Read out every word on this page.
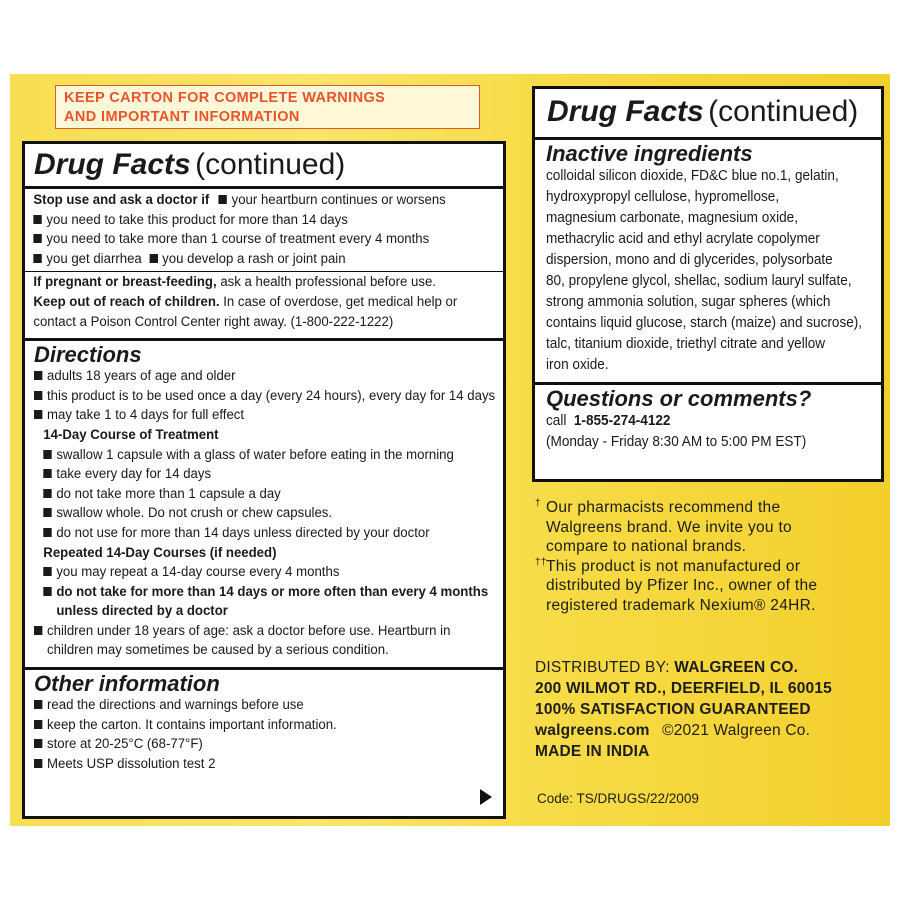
KEEP CARTON FOR COMPLETE WARNINGS
AND IMPORTANT INFORMATION
Drug Facts (continued)
Stop use and ask a doctor if your heartburn continues or worsens
you need to take this product for more than 14 days
you need to take more than 1 course of treatment every 4 months
you get diarrhea you develop a rash or joint pain
If pregnant or breast-feeding, ask a health professional before use.
Keep out of reach of children. In case of overdose, get medical help or
contact a Poison Control Center right away. (1-800-222-1222)
Directions
adults 18 years of age and older
this product is to be used once a day (every 24 hours), every day for 14 days
may take 1 to 4 days for full effect
14-Day Course of Treatment
swallow 1 capsule with a glass of water before eating in the morning
take every day for 14 days
do not take more than 1 capsule a day
swallow whole. Do not crush or chew capsules.
do not use for more than 14 days unless directed by your doctor
Repeated 14-Day Courses (if needed)
you may repeat a 14-day course every 4 months
do not take for more than 14 days or more often than every 4 months
unless directed by a doctor
children under 18 years of age: ask a doctor before use. Heartburn in
children may sometimes be caused by a serious condition.
Other information
read the directions and warnings before use
keep the carton. It contains important information.
store at 20-25°C (68-77°F)
Meets USP dissolution test 2
Drug Facts (continued)
Inactive ingredients
colloidal silicon dioxide, FD&C blue no.1, gelatin,
hydroxypropyl cellulose, hypromellose,
magnesium carbonate, magnesium oxide,
methacrylic acid and ethyl acrylate copolymer
dispersion, mono and di glycerides, polysorbate
80, propylene glycol, shellac, sodium lauryl sulfate,
strong ammonia solution, sugar spheres (which
contains liquid glucose, starch (maize) and sucrose),
talc, titanium dioxide, triethyl citrate and yellow
iron oxide.
Questions or comments?
call 1-855-274-4122
(Monday - Friday 8:30 AM to 5:00 PM EST)
† Our pharmacists recommend the
Walgreens brand. We invite you to
compare to national brands.
†† This product is not manufactured or
distributed by Pfizer Inc., owner of the
registered trademark Nexium® 24HR.
DISTRIBUTED BY: WALGREEN CO.
200 WILMOT RD., DEERFIELD, IL 60015
100% SATISFACTION GUARANTEED
walgreens.com ©2021 Walgreen Co.
MADE IN INDIA
Code: TS/DRUGS/22/2009
